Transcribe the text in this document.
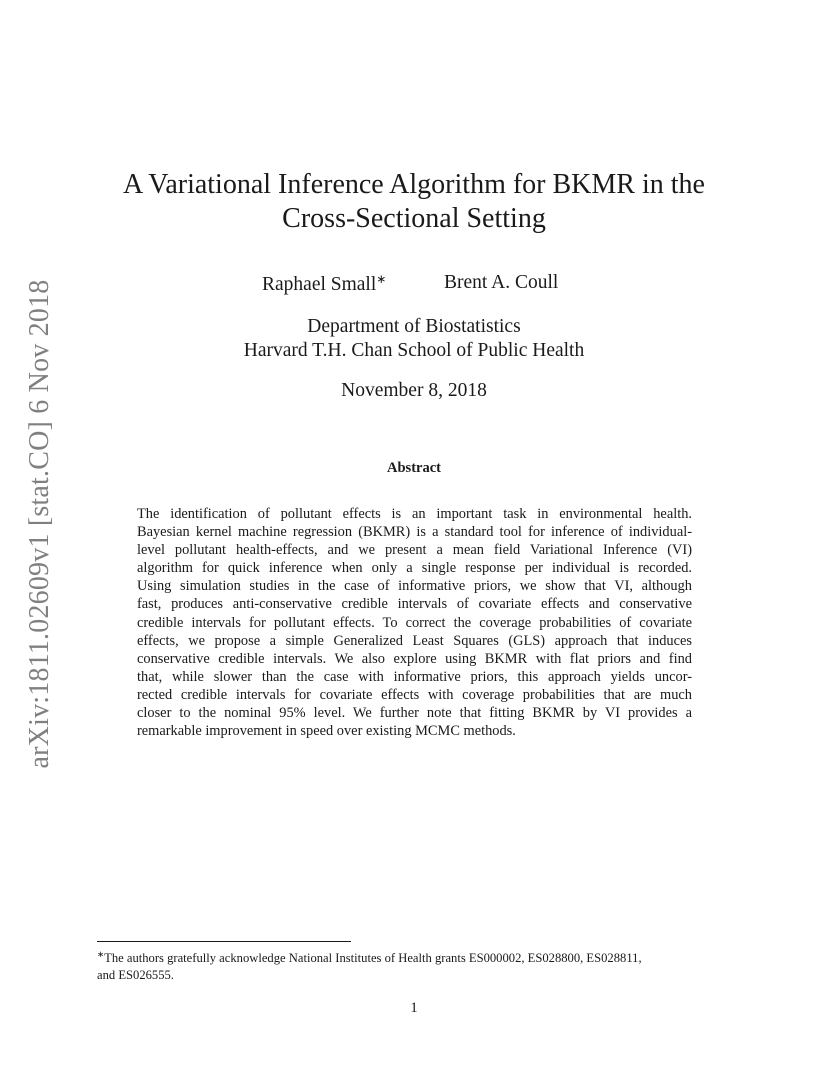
arXiv:1811.02609v1 [stat.CO] 6 Nov 2018
A Variational Inference Algorithm for BKMR in the
Cross-Sectional Setting
Raphael Small∗	Brent A. Coull
Department of Biostatistics
Harvard T.H. Chan School of Public Health
November 8, 2018
Abstract
The identification of pollutant effects is an important task in environmental health.
Bayesian kernel machine regression (BKMR) is a standard tool for inference of individual-
level pollutant health-effects, and we present a mean field Variational Inference (VI)
algorithm for quick inference when only a single response per individual is recorded.
Using simulation studies in the case of informative priors, we show that VI, although
fast, produces anti-conservative credible intervals of covariate effects and conservative
credible intervals for pollutant effects. To correct the coverage probabilities of covariate
effects, we propose a simple Generalized Least Squares (GLS) approach that induces
conservative credible intervals. We also explore using BKMR with flat priors and find
that, while slower than the case with informative priors, this approach yields uncor-
rected credible intervals for covariate effects with coverage probabilities that are much
closer to the nominal 95% level. We further note that fitting BKMR by VI provides a
remarkable improvement in speed over existing MCMC methods.
∗The authors gratefully acknowledge National Institutes of Health grants ES000002, ES028800, ES028811,
and ES026555.
1
